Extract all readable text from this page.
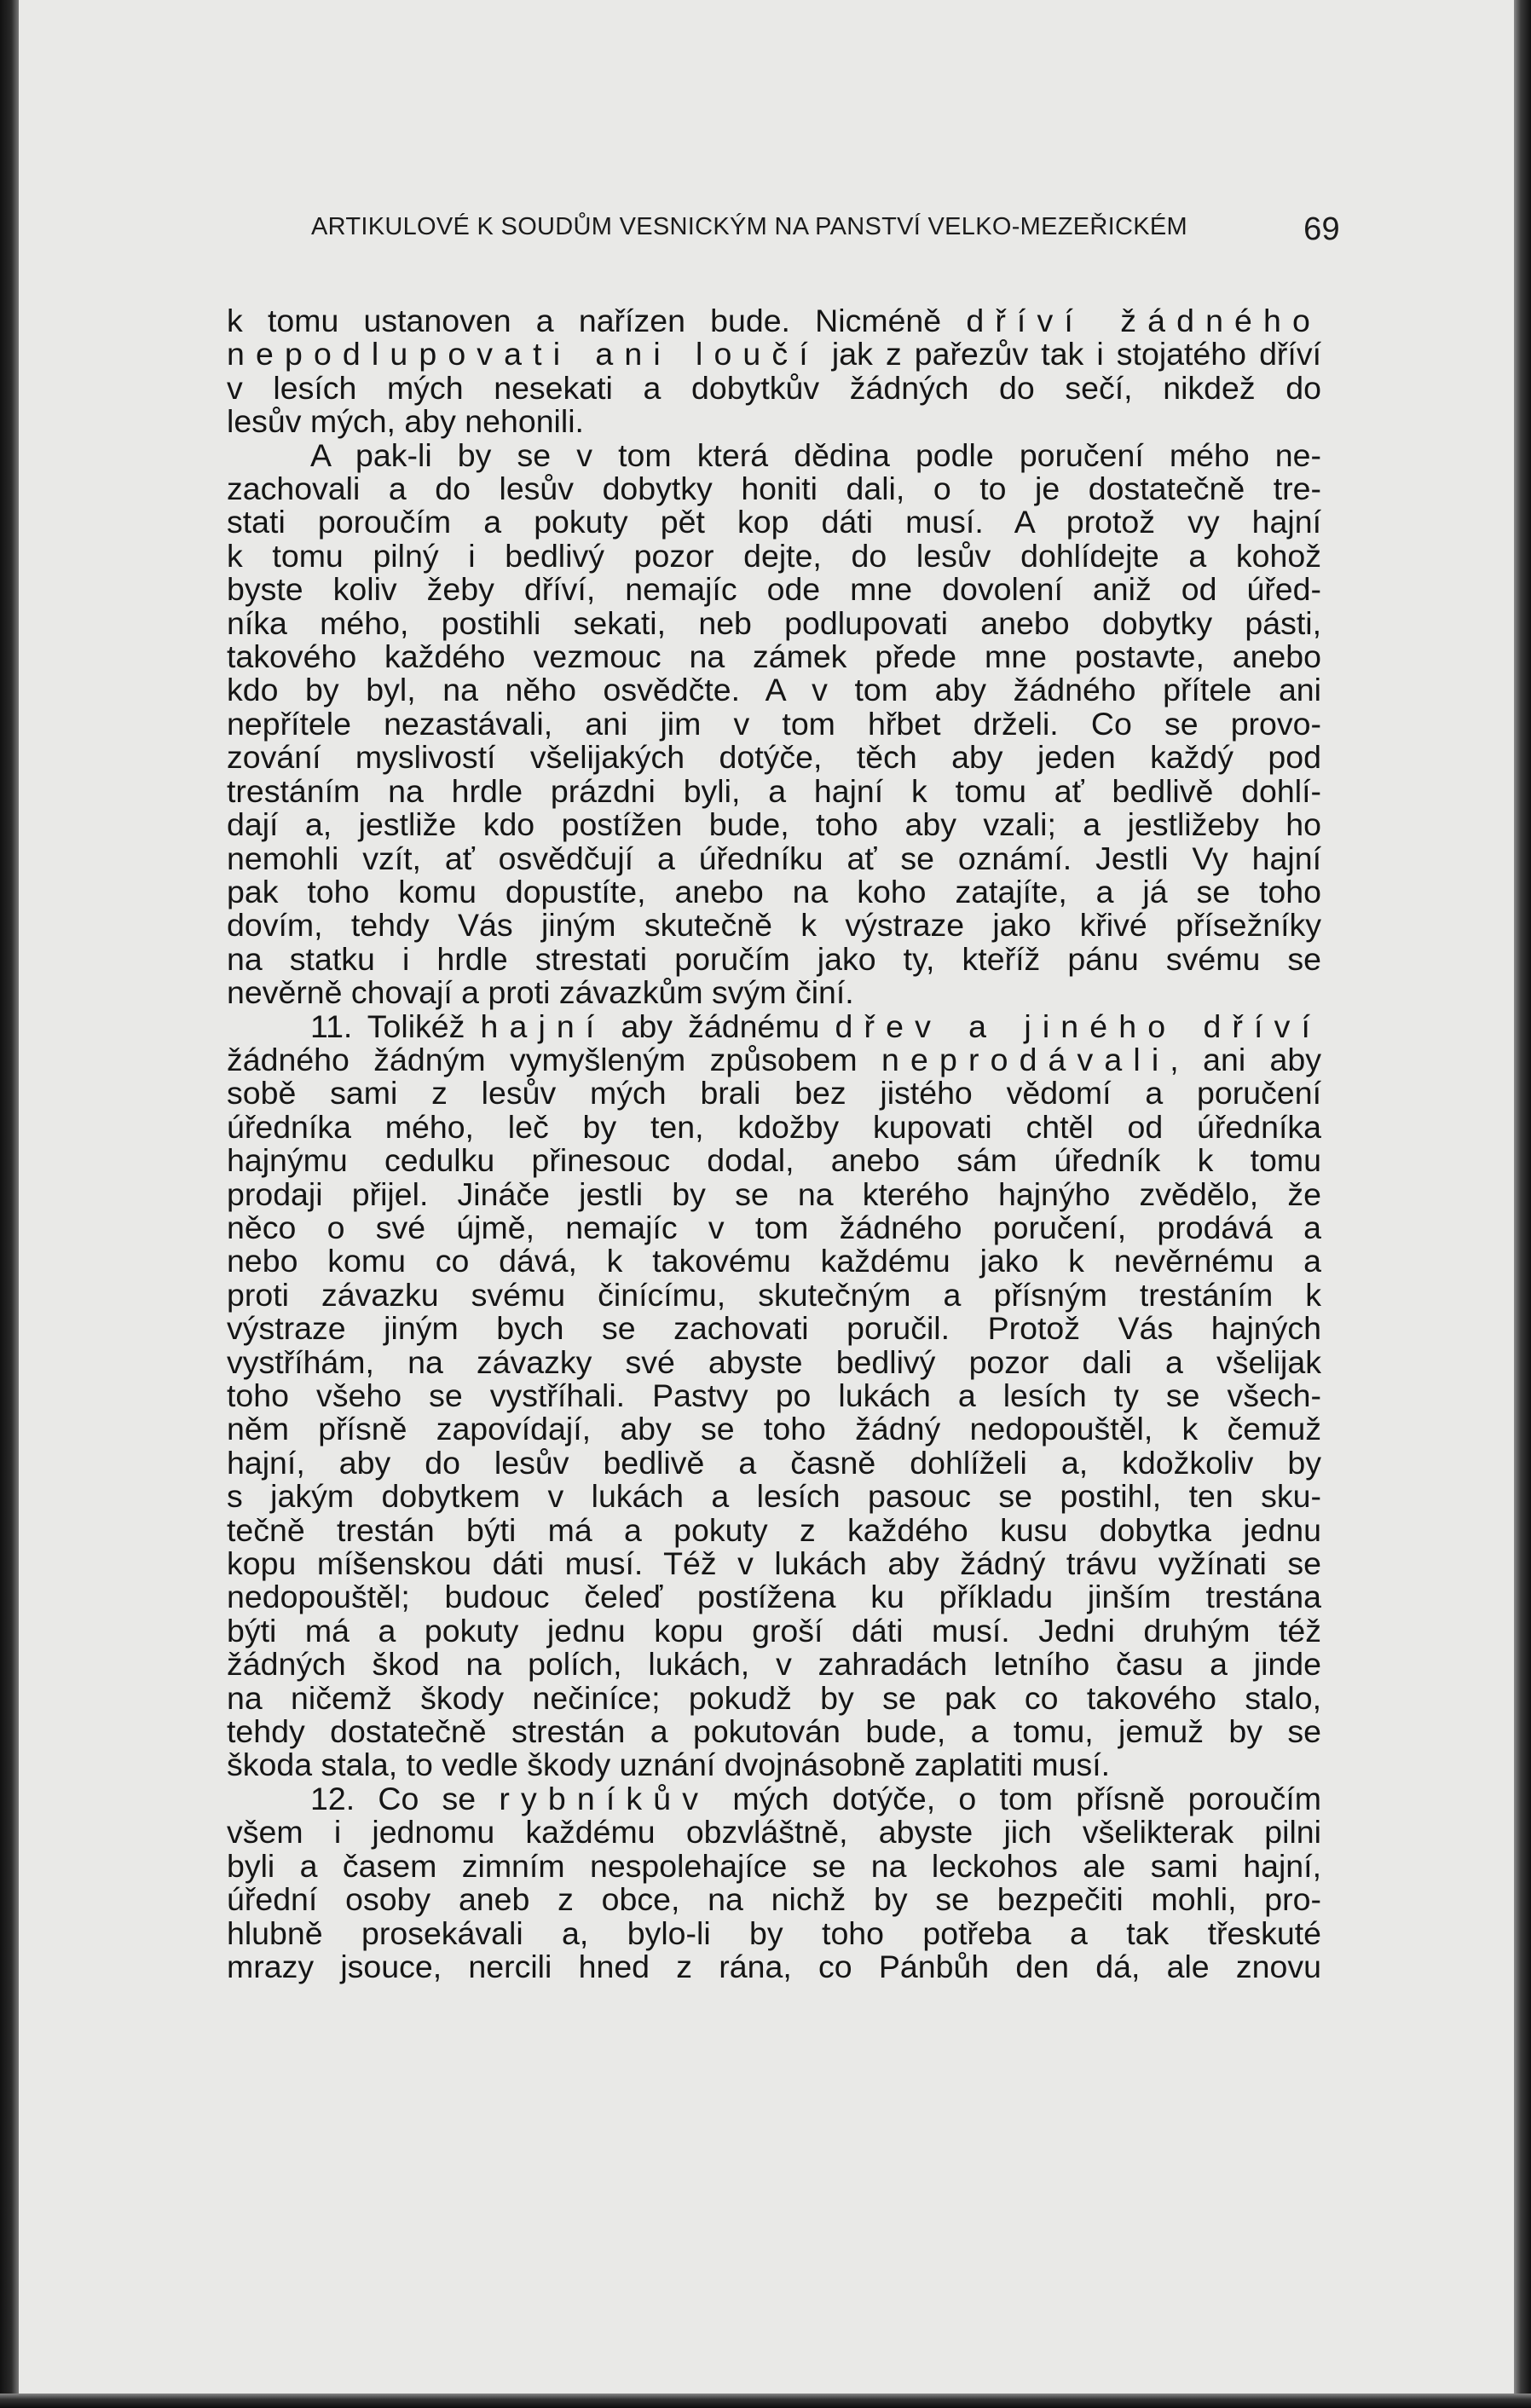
ARTIKULOVÉ K SOUDŮM VESNICKÝM NA PANSTVÍ VELKO-MEZEŘICKÉM	69

k tomu ustanoven a nařízen bude. Nicméně dříví žádného

nepodlupovati ani loučí jak z pařezův tak i stojatého dříví

v lesích mých nesekati a dobytkův žádných do sečí, nikdež do

lesův mých, aby nehonili.

A pak-li by se v tom která dědina podle poručení mého ne-

zachovali a do lesův dobytky honiti dali, o to je dostatečně tre-

stati poroučím a pokuty pět kop dáti musí. A protož vy hajní

k tomu pilný i bedlivý pozor dejte, do lesův dohlídejte a kohož

byste koliv žeby dříví, nemajíc ode mne dovolení aniž od úřed-

níka mého, postihli sekati, neb podlupovati anebo dobytky pásti,

takového každého vezmouc na zámek přede mne postavte, anebo

kdo by byl, na něho osvědčte. A v tom aby žádného přítele ani

nepřítele nezastávali, ani jim v tom hřbet drželi. Co se provo-

zování myslivostí všelijakých dotýče, těch aby jeden každý pod

trestáním na hrdle prázdni byli, a hajní k tomu ať bedlivě dohlí-

dají a, jestliže kdo postížen bude, toho aby vzali; a jestližeby ho

nemohli vzít, ať osvědčují a úředníku ať se oznámí. Jestli Vy hajní

pak toho komu dopustíte, anebo na koho zatajíte, a já se toho

dovím, tehdy Vás jiným skutečně k výstraze jako křivé přísežníky

na statku i hrdle strestati poručím jako ty, kteříž pánu svému se

nevěrně chovají a proti závazkům svým činí.

11. Tolikéž hajní aby žádnému dřev a jiného dříví

žádného žádným vymyšleným způsobem neprodávali, ani aby

sobě sami z lesův mých brali bez jistého vědomí a poručení

úředníka mého, leč by ten, kdožby kupovati chtěl od úředníka

hajnýmu cedulku přinesouc dodal, anebo sám úředník k tomu

prodaji přijel. Jináče jestli by se na kterého hajnýho zvědělo, že

něco o své újmě, nemajíc v tom žádného poručení, prodává a

nebo komu co dává, k takovému každému jako k nevěrnému a

proti závazku svému činícímu, skutečným a přísným trestáním k

výstraze jiným bych se zachovati poručil. Protož Vás hajných

vystříhám, na závazky své abyste bedlivý pozor dali a všelijak

toho všeho se vystříhali. Pastvy po lukách a lesích ty se všech-

něm přísně zapovídají, aby se toho žádný nedopouštěl, k čemuž

hajní, aby do lesův bedlivě a časně dohlíželi a, kdožkoliv by

s jakým dobytkem v lukách a lesích pasouc se postihl, ten sku-

tečně trestán býti má a pokuty z každého kusu dobytka jednu

kopu míšenskou dáti musí. Též v lukách aby žádný trávu vyžínati se

nedopouštěl; budouc čeleď postížena ku příkladu jinším trestána

býti má a pokuty jednu kopu groší dáti musí. Jedni druhým též

žádných škod na polích, lukách, v zahradách letního času a jinde

na ničemž škody nečiníce; pokudž by se pak co takového stalo,

tehdy dostatečně strestán a pokutován bude, a tomu, jemuž by se

škoda stala, to vedle škody uznání dvojnásobně zaplatiti musí.

12. Co se rybníkův mých dotýče, o tom přísně poroučím

všem i jednomu každému obzvláštně, abyste jich všelikterak pilni

byli a časem zimním nespolehajíce se na leckohos ale sami hajní,

úřední osoby aneb z obce, na nichž by se bezpečiti mohli, pro-

hlubně prosekávali a, bylo-li by toho potřeba a tak třeskuté

mrazy jsouce, nercili hned z rána, co Pánbůh den dá, ale znovu
